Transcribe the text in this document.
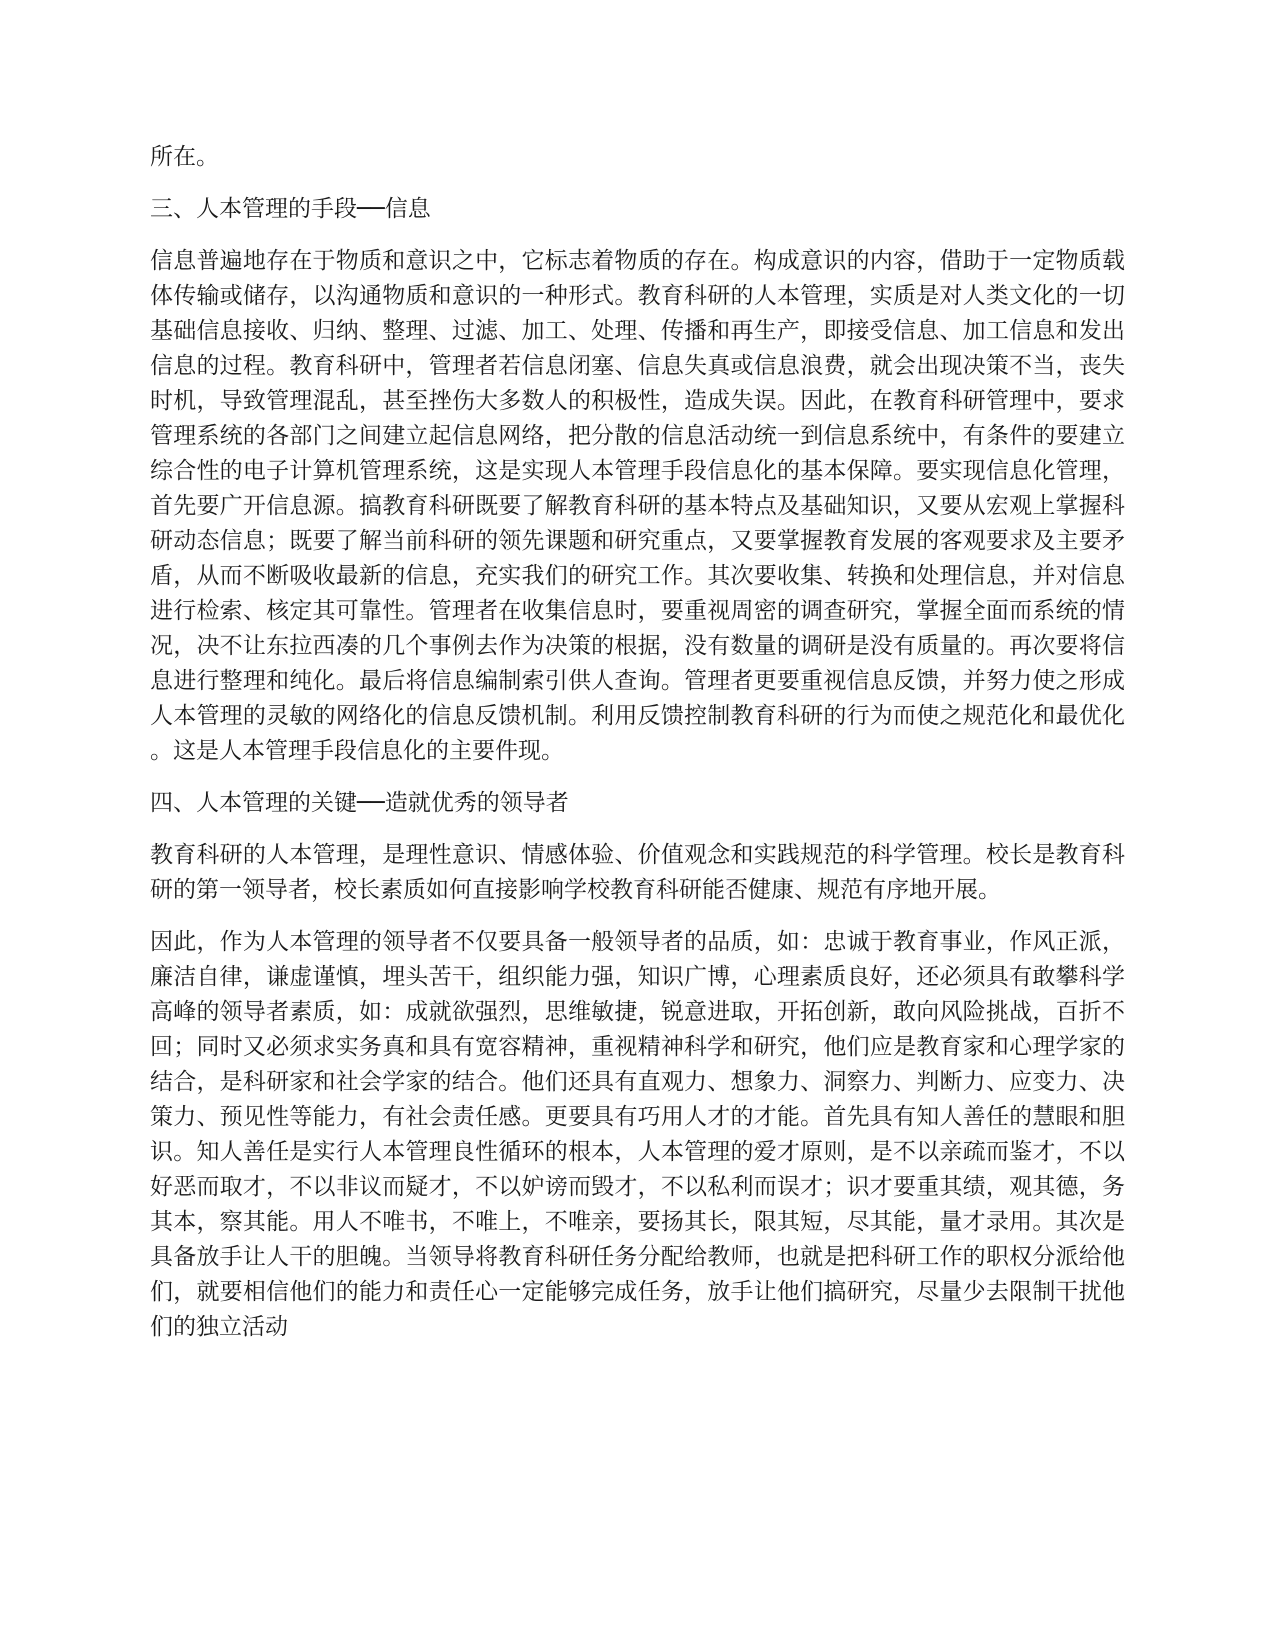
所在。

三、人本管理的手段──信息

信息普遍地存在于物质和意识之中，它标志着物质的存在。构成意识的内容，借助于一定物质载体传输或储存，以沟通物质和意识的一种形式。教育科研的人本管理，实质是对人类文化的一切基础信息接收、归纳、整理、过滤、加工、处理、传播和再生产，即接受信息、加工信息和发出信息的过程。教育科研中，管理者若信息闭塞、信息失真或信息浪费，就会出现决策不当，丧失时机，导致管理混乱，甚至挫伤大多数人的积极性，造成失误。因此，在教育科研管理中，要求管理系统的各部门之间建立起信息网络，把分散的信息活动统一到信息系统中，有条件的要建立综合性的电子计算机管理系统，这是实现人本管理手段信息化的基本保障。要实现信息化管理，首先要广开信息源。搞教育科研既要了解教育科研的基本特点及基础知识，又要从宏观上掌握科研动态信息；既要了解当前科研的领先课题和研究重点，又要掌握教育发展的客观要求及主要矛盾，从而不断吸收最新的信息，充实我们的研究工作。其次要收集、转换和处理信息，并对信息进行检索、核定其可靠性。管理者在收集信息时，要重视周密的调查研究，掌握全面而系统的情况，决不让东拉西凑的几个事例去作为决策的根据，没有数量的调研是没有质量的。再次要将信息进行整理和纯化。最后将信息编制索引供人查询。管理者更要重视信息反馈，并努力使之形成人本管理的灵敏的网络化的信息反馈机制。利用反馈控制教育科研的行为而使之规范化和最优化。这是人本管理手段信息化的主要件现。

四、人本管理的关键──造就优秀的领导者

教育科研的人本管理，是理性意识、情感体验、价值观念和实践规范的科学管理。校长是教育科研的第一领导者，校长素质如何直接影响学校教育科研能否健康、规范有序地开展。

因此，作为人本管理的领导者不仅要具备一般领导者的品质，如：忠诚于教育事业，作风正派，廉洁自律，谦虚谨慎，埋头苦干，组织能力强，知识广博，心理素质良好，还必须具有敢攀科学高峰的领导者素质，如：成就欲强烈，思维敏捷，锐意进取，开拓创新，敢向风险挑战，百折不回；同时又必须求实务真和具有宽容精神，重视精神科学和研究，他们应是教育家和心理学家的结合，是科研家和社会学家的结合。他们还具有直观力、想象力、洞察力、判断力、应变力、决策力、预见性等能力，有社会责任感。更要具有巧用人才的才能。首先具有知人善任的慧眼和胆识。知人善任是实行人本管理良性循环的根本，人本管理的爱才原则，是不以亲疏而鉴才，不以好恶而取才，不以非议而疑才，不以妒谤而毁才，不以私利而误才；识才要重其绩，观其德，务其本，察其能。用人不唯书，不唯上，不唯亲，要扬其长，限其短，尽其能，量才录用。其次是具备放手让人干的胆魄。当领导将教育科研任务分配给教师，也就是把科研工作的职权分派给他们，就要相信他们的能力和责任心一定能够完成任务，放手让他们搞研究，尽量少去限制干扰他们的独立活动
